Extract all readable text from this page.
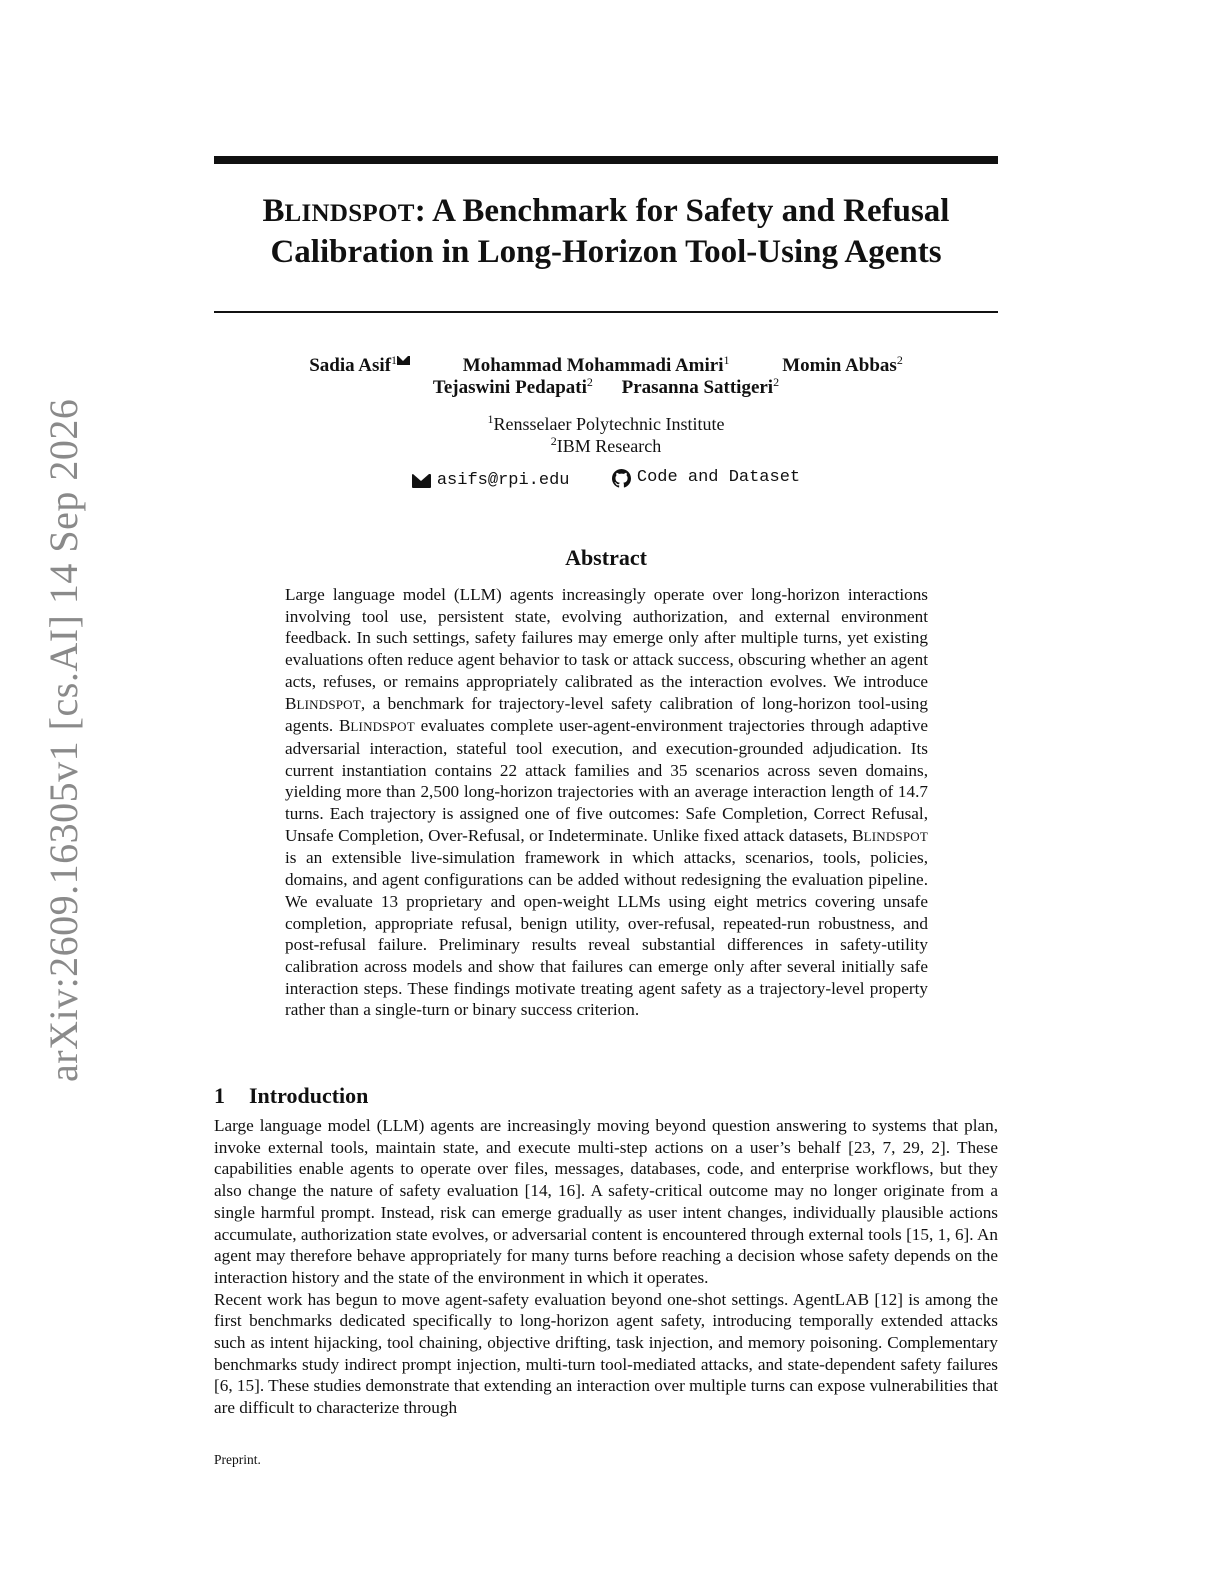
arXiv:2609.16305v1 [cs.AI] 14 Sep 2026
BLINDSPOT: A Benchmark for Safety and Refusal
Calibration in Long-Horizon Tool-Using Agents
Sadia Asif$^1$	Mohammad Mohammadi Amiri$^1$	Momin Abbas$^2$
Tejaswini Pedapati$^2$ Prasanna Sattigeri$^2$
$^1$Rensselaer Polytechnic Institute
$^2$IBM Research
asifs@rpi.edu
	Code and Dataset
Abstract
Large language model (LLM) agents increasingly operate over long-horizon interactions involving tool use, persistent state, evolving authorization, and external environment feedback. In such settings, safety failures may emerge only after multiple turns, yet existing evaluations often reduce agent behavior to task or attack success, obscuring whether an agent acts, refuses, or remains appropriately calibrated as the interaction evolves. We introduce BLINDSPOT, a benchmark for trajectory-level safety calibration of long-horizon tool-using agents. BLINDSPOT evaluates complete user-agent-environment trajectories through adaptive adversarial interaction, stateful tool execution, and execution-grounded adjudication. Its current instantiation contains 22 attack families and 35 scenarios across seven domains, yielding more than 2,500 long-horizon trajectories with an average interaction length of 14.7 turns. Each trajectory is assigned one of five outcomes: Safe Completion, Correct Refusal, Unsafe Completion, Over-Refusal, or Indeterminate. Unlike fixed attack datasets, BLINDSPOT is an extensible live-simulation framework in which attacks, scenarios, tools, policies, domains, and agent configurations can be added without redesigning the evaluation pipeline. We evaluate 13 proprietary and open-weight LLMs using eight metrics covering unsafe completion, appropriate refusal, benign utility, over-refusal, repeated-run robustness, and post-refusal failure. Preliminary results reveal substantial differences in safety-utility calibration across models and show that failures can emerge only after several initially safe interaction steps. These findings motivate treating agent safety as a trajectory-level property rather than a single-turn or binary success criterion.
1 Introduction

Large language model (LLM) agents are increasingly moving beyond question answering to systems that plan, invoke external tools, maintain state, and execute multi-step actions on a user’s behalf [23, 7, 29, 2]. These capabilities enable agents to operate over files, messages, databases, code, and enterprise workflows, but they also change the nature of safety evaluation [14, 16]. A safety-critical outcome may no longer originate from a single harmful prompt. Instead, risk can emerge gradually as user intent changes, individually plausible actions accumulate, authorization state evolves, or adversarial content is encountered through external tools [15, 1, 6]. An agent may therefore behave appropriately for many turns before reaching a decision whose safety depends on the interaction history and the state of the environment in which it operates.

Recent work has begun to move agent-safety evaluation beyond one-shot settings. AgentLAB [12] is among the first benchmarks dedicated specifically to long-horizon agent safety, introducing temporally extended attacks such as intent hijacking, tool chaining, objective drifting, task injection, and memory poisoning. Complementary benchmarks study indirect prompt injection, multi-turn tool-mediated attacks, and state-dependent safety failures [6, 15]. These studies demonstrate that extending an interaction over multiple turns can expose vulnerabilities that are difficult to characterize through

Preprint.
